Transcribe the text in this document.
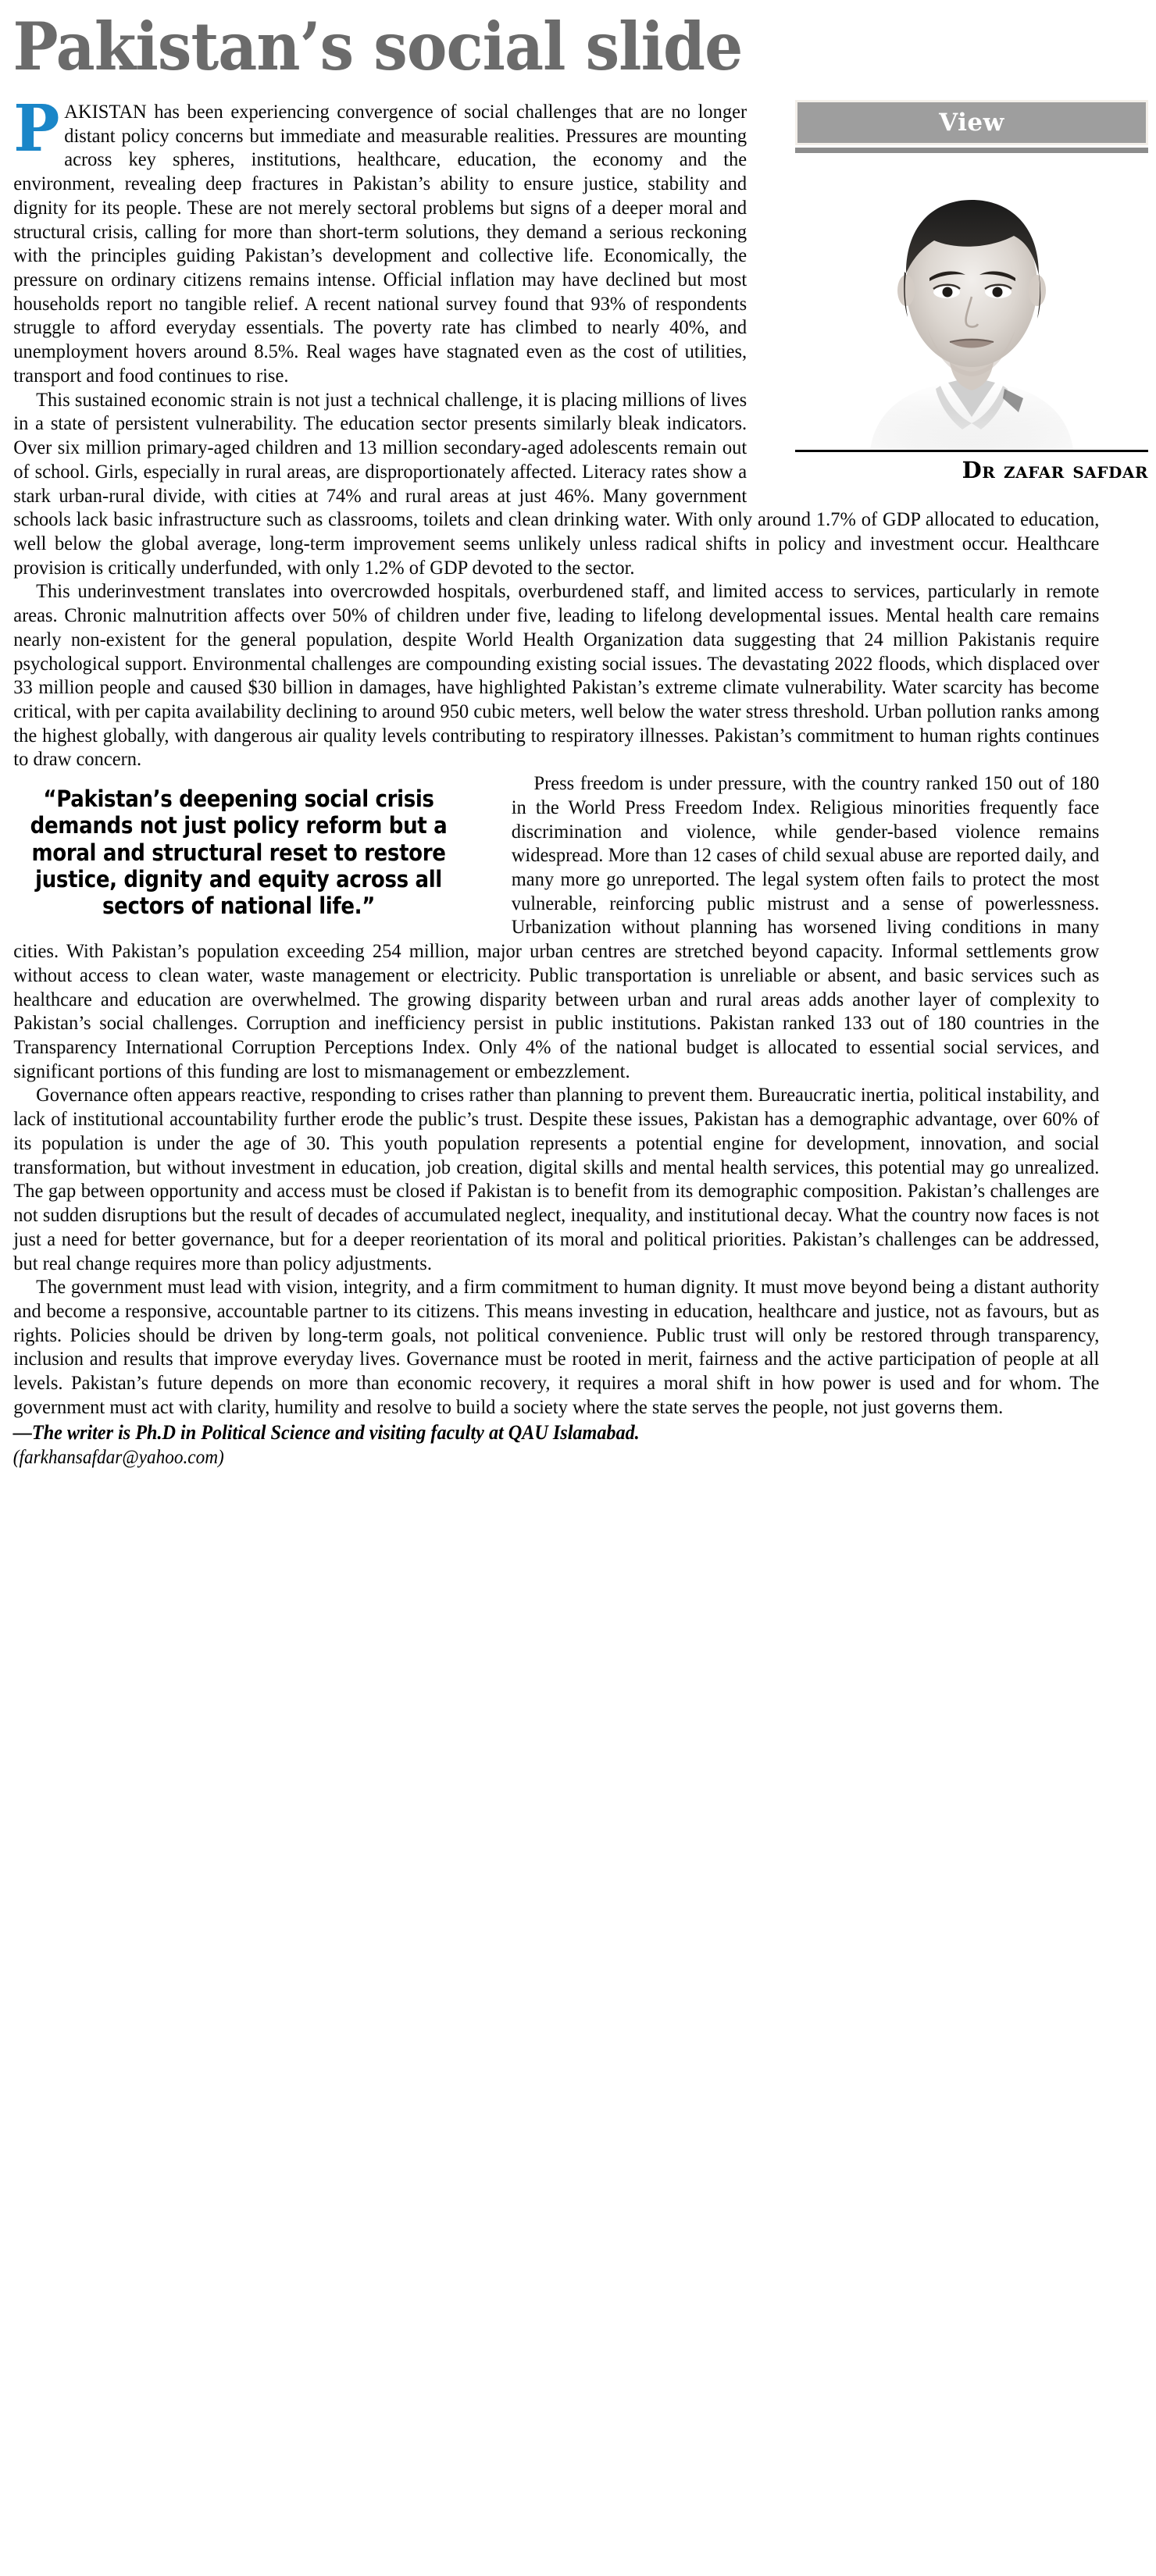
Pakistan’s social slide
View
Dr zafar safdar

PAKISTAN has been experiencing convergence of social challenges that are no longer distant policy concerns but immediate and measurable realities. Pressures are mounting across key spheres, institutions, healthcare, education, the economy and the environment, revealing deep fractures in Pakistan’s ability to ensure justice, stability and dignity for its people. These are not merely sectoral problems but signs of a deeper moral and structural crisis, calling for more than short-term solutions, they demand a serious reckoning with the principles guiding Pakistan’s development and collective life. Economically, the pressure on ordinary citizens remains intense. Official inflation may have declined but most households report no tangible relief. A recent national survey found that 93% of respondents struggle to afford everyday essentials. The poverty rate has climbed to nearly 40%, and unemployment hovers around 8.5%. Real wages have stagnated even as the cost of utilities, transport and food continues to rise.

This sustained economic strain is not just a technical challenge, it is placing millions of lives in a state of persistent vulnerability. The education sector presents similarly bleak indicators. Over six million primary-aged children and 13 million secondary-aged adolescents remain out of school. Girls, especially in rural areas, are disproportionately affected. Literacy rates show a stark urban-rural divide, with cities at 74% and rural areas at just 46%. Many government schools lack basic infrastructure such as classrooms, toilets and clean drinking water. With only around 1.7% of GDP allocated to education, well below the global average, long-term improvement seems unlikely unless radical shifts in policy and investment occur. Healthcare provision is critically underfunded, with only 1.2% of GDP devoted to the sector.

This underinvestment translates into overcrowded hospitals, overburdened staff, and limited access to services, particularly in remote areas. Chronic malnutrition affects over 50% of children under five, leading to lifelong developmental issues. Mental health care remains nearly non-existent for the general population, despite World Health Organization data suggesting that 24 million Pakistanis require psychological support. Environmental challenges are compounding existing social issues. The devastating 2022 floods, which displaced over 33 million people and caused $30 billion in damages, have highlighted Pakistan’s extreme climate vulnerability. Water scarcity has become critical, with per capita availability declining to around 950 cubic meters, well below the water stress threshold. Urban pollution ranks among the highest globally, with dangerous air quality levels contributing to respiratory illnesses. Pakistan’s commitment to human rights continues to draw concern.

“Pakistan’s deepening social crisis demands not just policy reform but a moral and structural reset to restore justice, dignity and equity across all sectors of national life.”

Press freedom is under pressure, with the country ranked 150 out of 180 in the World Press Freedom Index. Religious minorities frequently face discrimination and violence, while gender-based violence remains widespread. More than 12 cases of child sexual abuse are reported daily, and many more go unreported. The legal system often fails to protect the most vulnerable, reinforcing public mistrust and a sense of powerlessness. Urbanization without planning has worsened living conditions in many cities. With Pakistan’s population exceeding 254 million, major urban centres are stretched beyond capacity. Informal settlements grow without access to clean water, waste management or electricity. Public transportation is unreliable or absent, and basic services such as healthcare and education are overwhelmed. The growing disparity between urban and rural areas adds another layer of complexity to Pakistan’s social challenges. Corruption and inefficiency persist in public institutions. Pakistan ranked 133 out of 180 countries in the Transparency International Corruption Perceptions Index. Only 4% of the national budget is allocated to essential social services, and significant portions of this funding are lost to mismanagement or embezzlement.

Governance often appears reactive, responding to crises rather than planning to prevent them. Bureaucratic inertia, political instability, and lack of institutional accountability further erode the public’s trust. Despite these issues, Pakistan has a demographic advantage, over 60% of its population is under the age of 30. This youth population represents a potential engine for development, innovation, and social transformation, but without investment in education, job creation, digital skills and mental health services, this potential may go unrealized. The gap between opportunity and access must be closed if Pakistan is to benefit from its demographic composition. Pakistan’s challenges are not sudden disruptions but the result of decades of accumulated neglect, inequality, and institutional decay. What the country now faces is not just a need for better governance, but for a deeper reorientation of its moral and political priorities. Pakistan’s challenges can be addressed, but real change requires more than policy adjustments.

The government must lead with vision, integrity, and a firm commitment to human dignity. It must move beyond being a distant authority and become a responsive, accountable partner to its citizens. This means investing in education, healthcare and justice, not as favours, but as rights. Policies should be driven by long-term goals, not political convenience. Public trust will only be restored through transparency, inclusion and results that improve everyday lives. Governance must be rooted in merit, fairness and the active participation of people at all levels. Pakistan’s future depends on more than economic recovery, it requires a moral shift in how power is used and for whom. The government must act with clarity, humility and resolve to build a society where the state serves the people, not just governs them.

—The writer is Ph.D in Political Science and visiting faculty at QAU Islamabad.
(farkhansafdar@yahoo.com)
